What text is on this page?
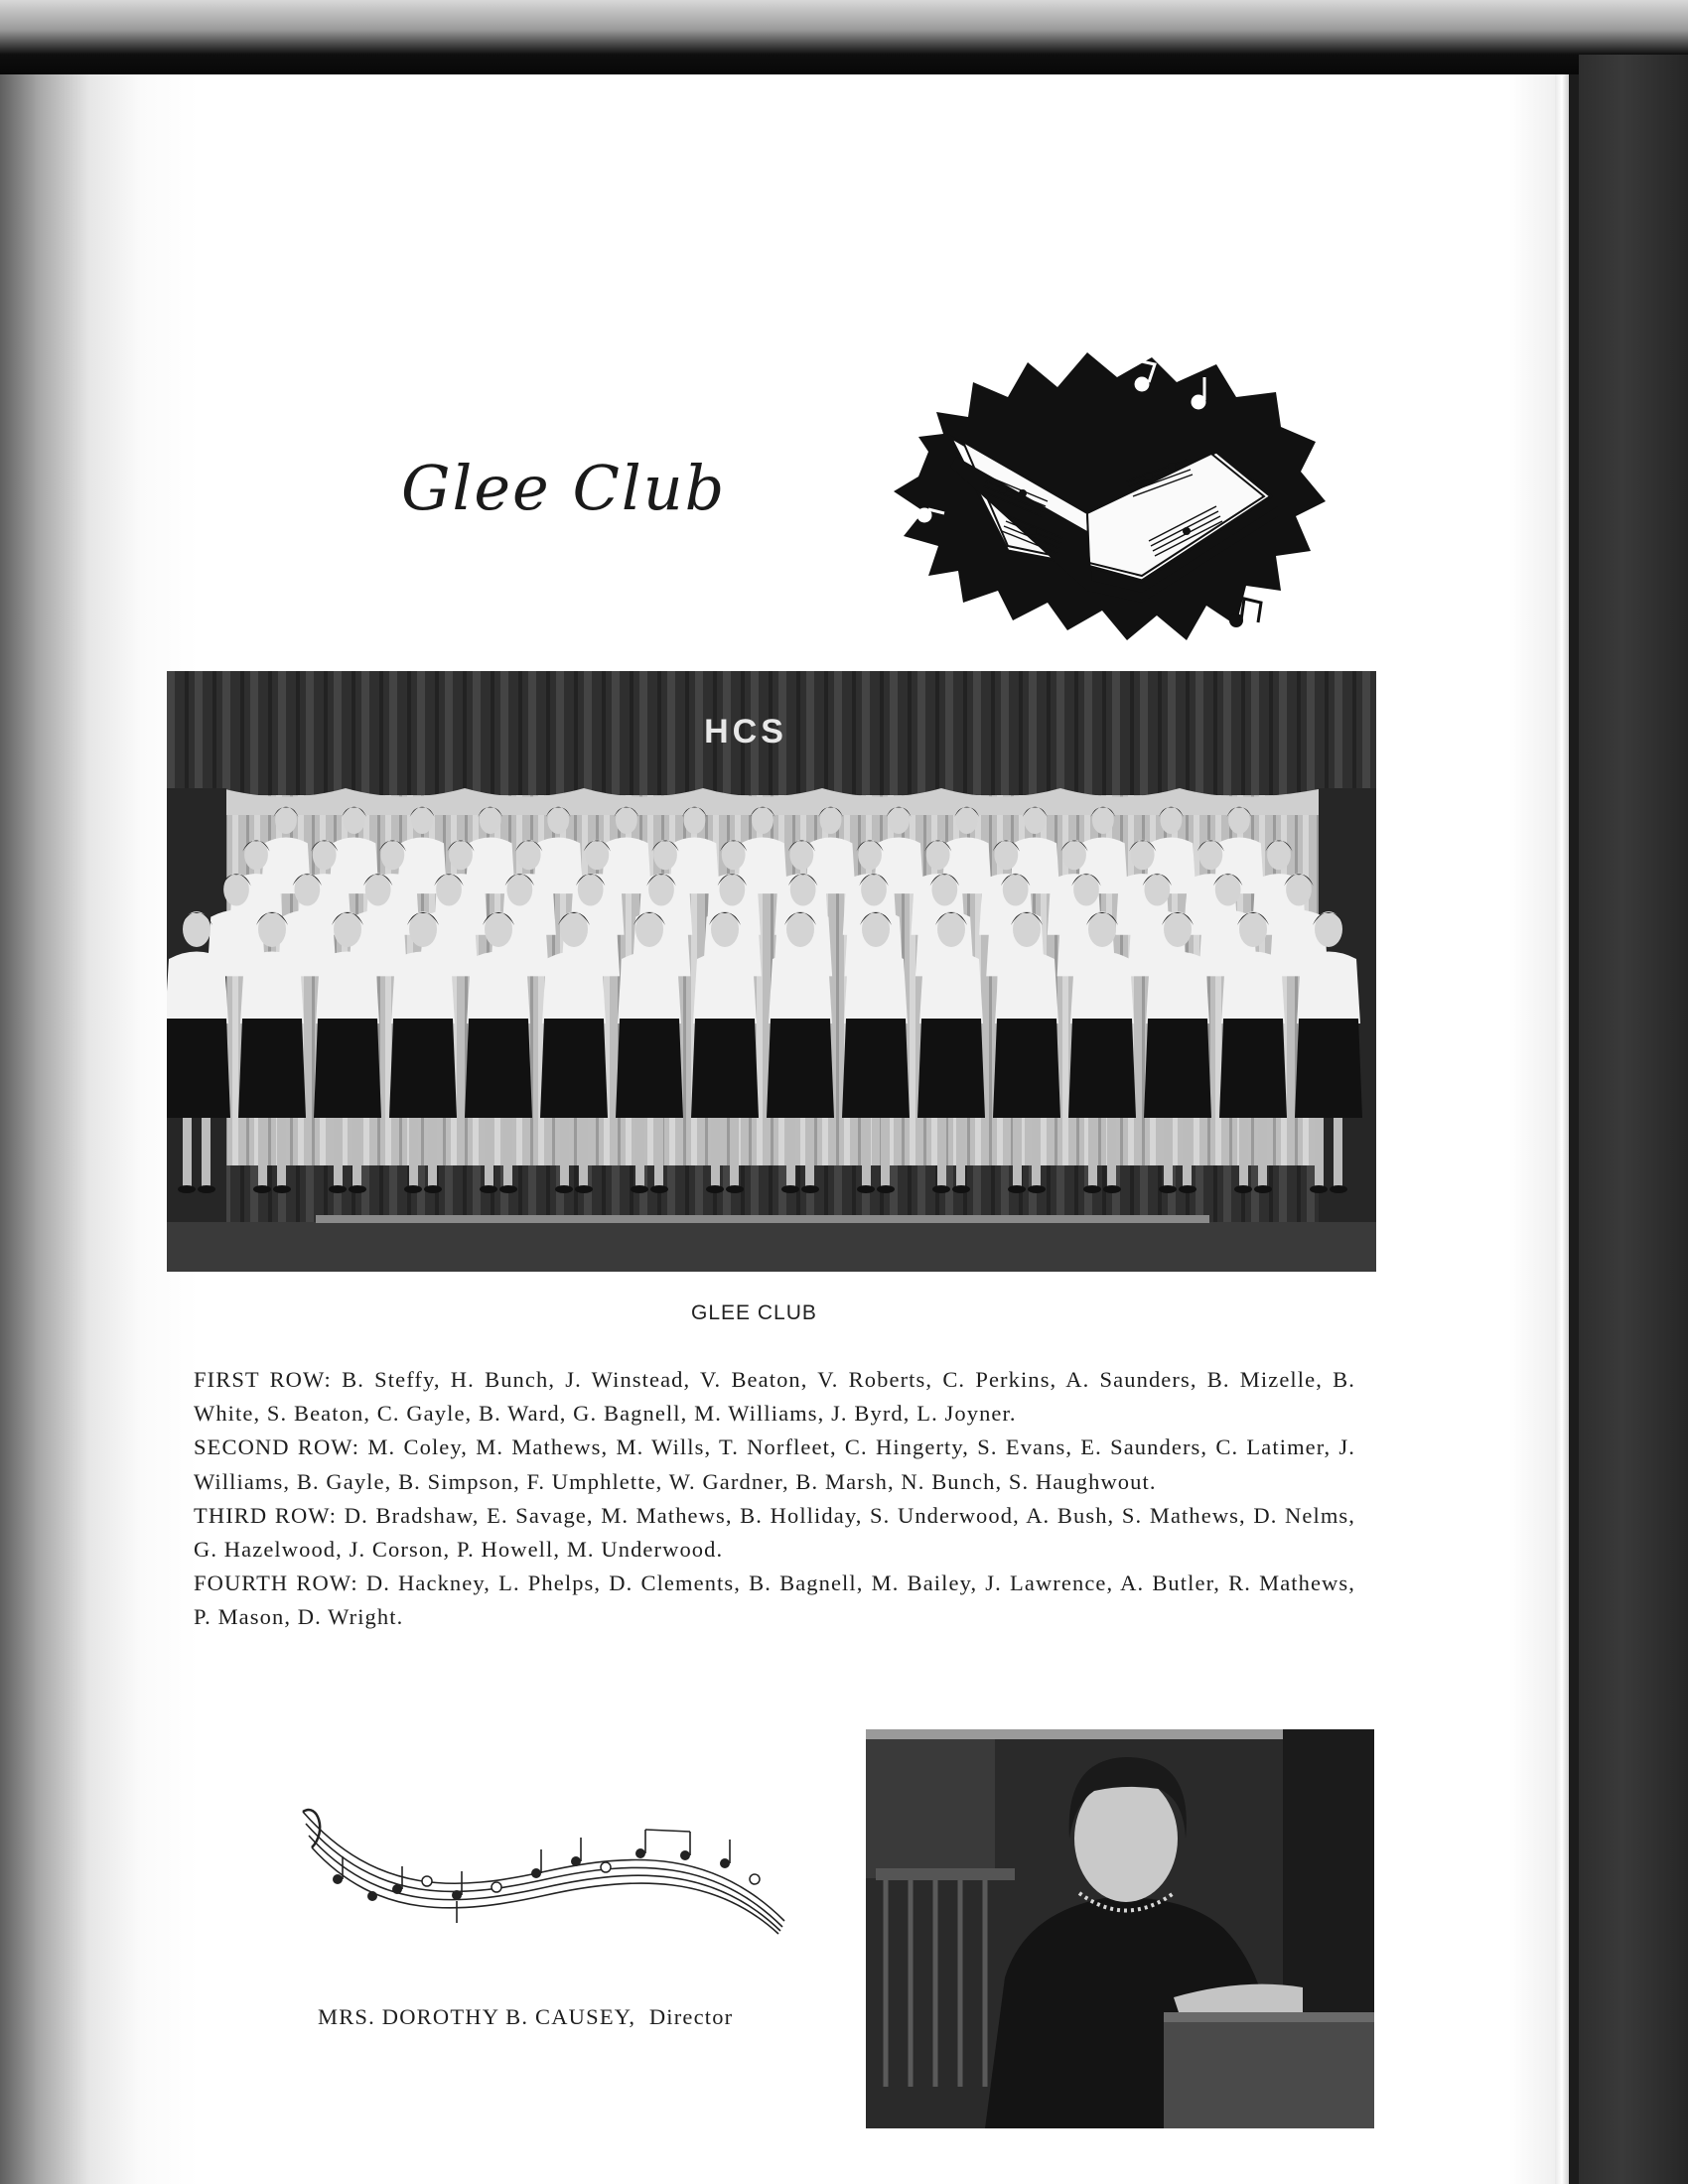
Glee Club
HCS
GLEE CLUB

FIRST ROW: B. Steffy, H. Bunch, J. Winstead, V. Beaton, V. Roberts, C. Perkins, A. Saunders, B. Mizelle, B. White, S. Beaton, C. Gayle, B. Ward, G. Bagnell, M. Williams, J. Byrd, L. Joyner.

SECOND ROW: M. Coley, M. Mathews, M. Wills, T. Norfleet, C. Hingerty, S. Evans, E. Saunders, C. Latimer, J. Williams, B. Gayle, B. Simpson, F. Umphlette, W. Gardner, B. Marsh, N. Bunch, S. Haughwout.

THIRD ROW: D. Bradshaw, E. Savage, M. Mathews, B. Holliday, S. Underwood, A. Bush, S. Mathews, D. Nelms, G. Hazelwood, J. Corson, P. Howell, M. Underwood.

FOURTH ROW: D. Hackney, L. Phelps, D. Clements, B. Bagnell, M. Bailey, J. Lawrence, A. Butler, R. Mathews, P. Mason, D. Wright.

MRS. DOROTHY B. CAUSEY, Director
